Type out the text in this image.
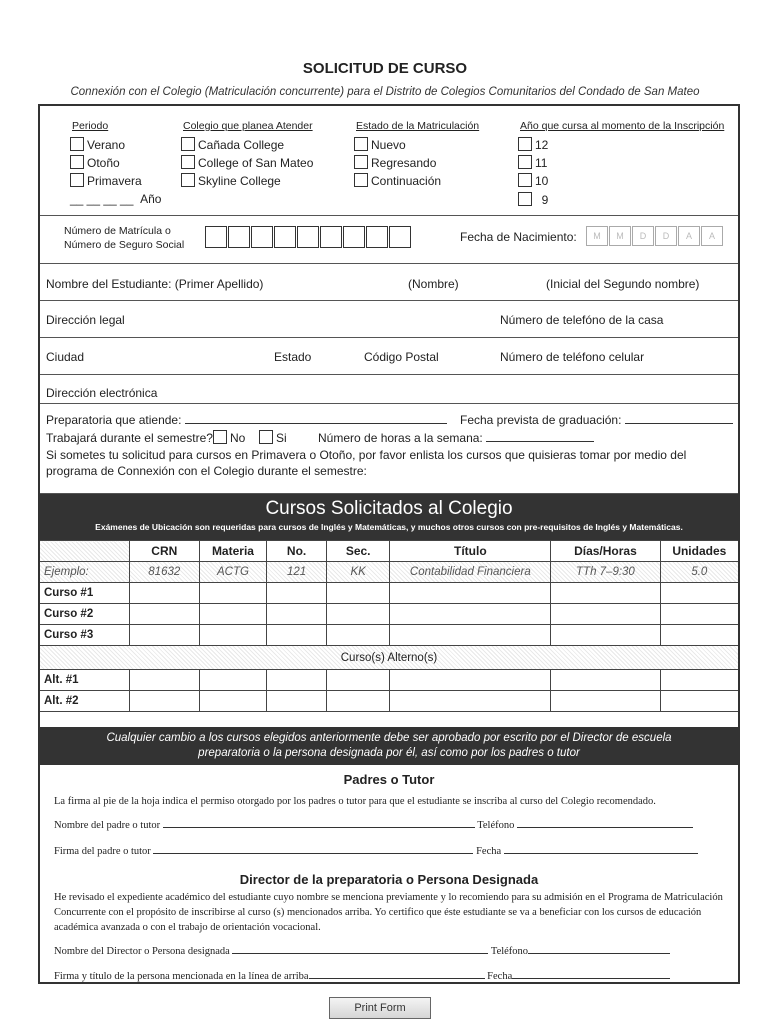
SOLICITUD DE CURSO
Connexión con el Colegio (Matriculación concurrente) para el Distrito de Colegios Comunitarios del Condado de San Mateo
Periodo
Verano
Otoño
Primavera
__ __ __ __ Año
Colegio que planea Atender
Cañada College
College of San Mateo
Skyline College
Estado de la Matriculación
Nuevo
Regresando
Continuación
Año que cursa al momento de la Inscripción
12
11
10
9
Número de Matrícula o
Número de Seguro Social
Fecha de Nacimiento:	M	M	D	D	A	A
Nombre del Estudiante: (Primer Apellido)	(Nombre)	(Inicial del Segundo nombre)
Dirección legal	Número de telefóno de la casa
Ciudad	Estado	Código Postal	Número de teléfono celular
Dirección electrónica
Preparatoria que atiende:	Fecha prevista de graduación:
Trabajará durante el semestre?	No	Si	Número de horas a la semana:
Si sometes tu solicitud para cursos en Primavera o Otoño, por favor enlista los cursos que quisieras tomar por medio del programa de Connexión con el Colegio durante el semestre:
Cursos Solicitados al Colegio
Exámenes de Ubicación son requeridas para cursos de Inglés y Matemáticas, y muchos otros cursos con pre-requisitos de Inglés y Matemáticas.
	CRN	Materia	No.	Sec.	Título	Días/Horas	Unidades
Ejemplo:	81632	ACTG	121	KK	Contabilidad Financiera	TTh 7–9:30	5.0
Curso #1							
Curso #2							
Curso #3							
Curso(s) Alterno(s)							
Alt. #1							
Alt. #2							
Cualquier cambio a los cursos elegidos anteriormente debe ser aprobado por escrito por el Director de escuela preparatoria o la persona designada por él, así como por los padres o tutor
Padres o Tutor
La firma al pie de la hoja indica el permiso otorgado por los padres o tutor para que el estudiante se inscriba al curso del Colegio recomendado.
Nombre del padre o tutor	Teléfono
Firma del padre o tutor	Fecha
Director de la preparatoria o Persona Designada
He revisado el expediente académico del estudiante cuyo nombre se menciona previamente y lo recomiendo para su admisión en el Programa de Matriculación Concurrente con el propósito de inscribirse al curso (s) mencionados arriba. Yo certifico que éste estudiante se va a beneficiar con los cursos de educación académica avanzada o con el trabajo de orientación vocacional.
Nombre del Director o Persona designada	Teléfono
Firma y título de la persona mencionada en la línea de arriba	Fecha
Print Form
